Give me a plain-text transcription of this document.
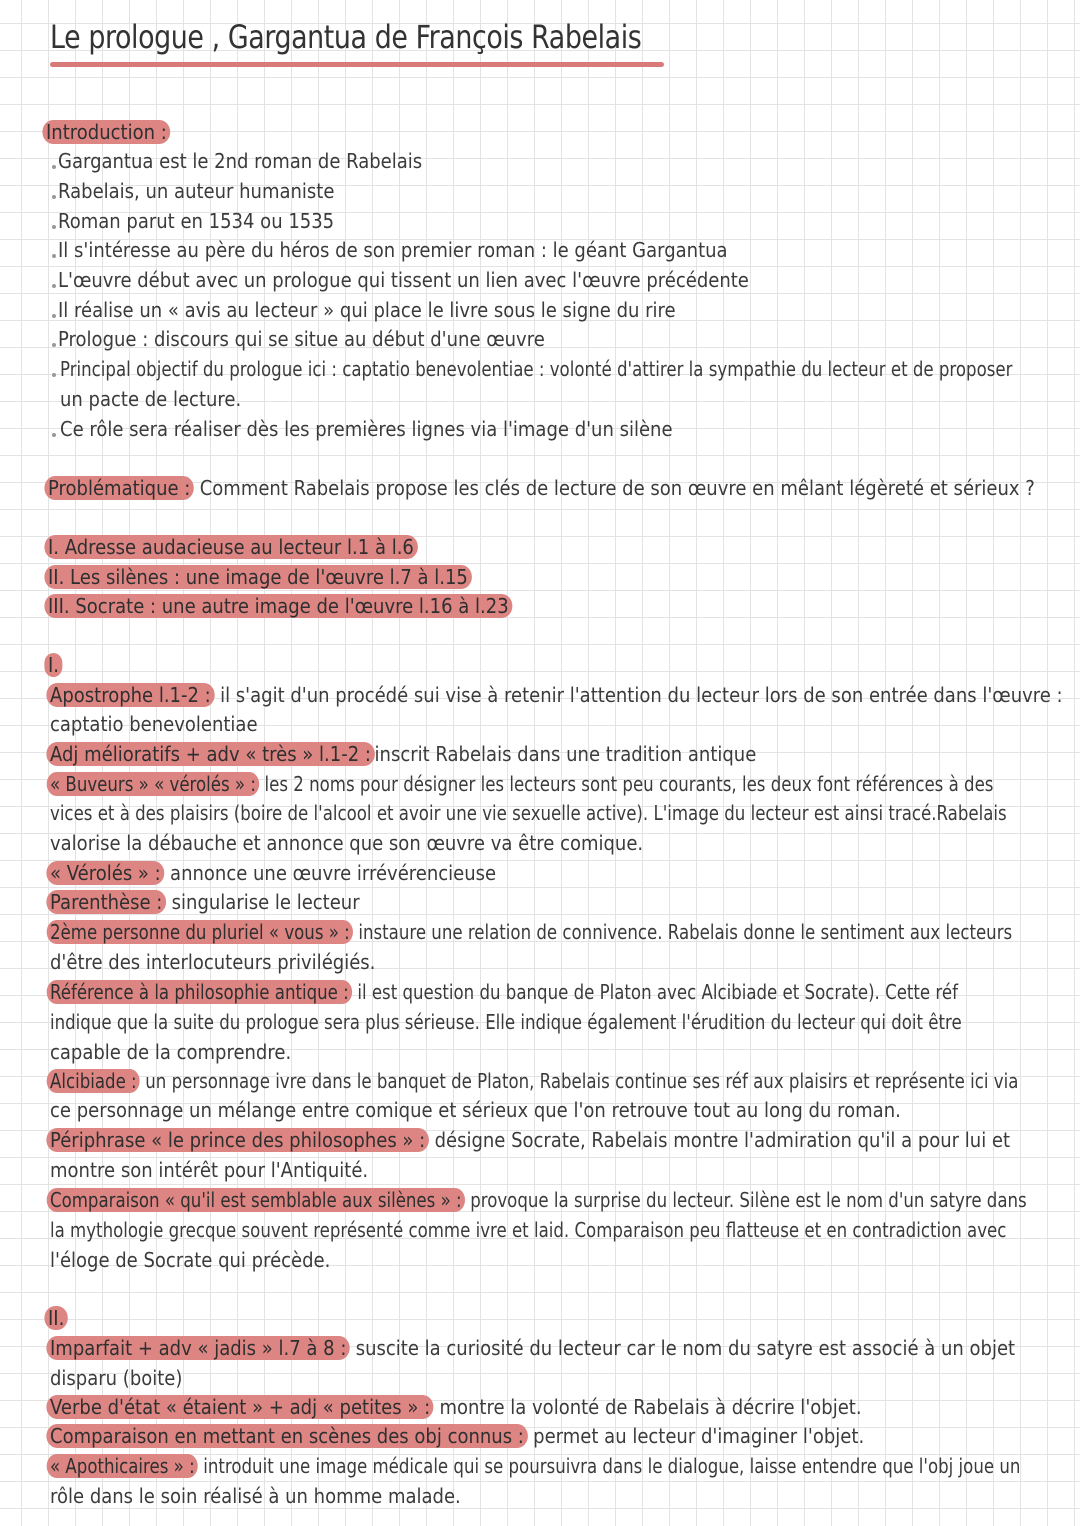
Le prologue , Gargantua de François Rabelais
Introduction :
Gargantua est le 2nd roman de Rabelais
Rabelais, un auteur humaniste
Roman parut en 1534 ou 1535
Il s'intéresse au père du héros de son premier roman : le géant Gargantua
L'œuvre début avec un prologue qui tissent un lien avec l'œuvre précédente
Il réalise un « avis au lecteur » qui place le livre sous le signe du rire
Prologue : discours qui se situe au début d'une œuvre
Principal objectif du prologue ici : captatio benevolentiae : volonté d'attirer la sympathie du lecteur et de proposer
un pacte de lecture.
Ce rôle sera réaliser dès les premières lignes via l'image d'un silène
Problématique : Comment Rabelais propose les clés de lecture de son œuvre en mêlant légèreté et sérieux ?
I. Adresse audacieuse au lecteur l.1 à l.6
II. Les silènes : une image de l'œuvre l.7 à l.15
III. Socrate : une autre image de l'œuvre l.16 à l.23
I.
Apostrophe l.1-2 : il s'agit d'un procédé sui vise à retenir l'attention du lecteur lors de son entrée dans l'œuvre :
captatio benevolentiae
Adj mélioratifs + adv « très » l.1-2 : inscrit Rabelais dans une tradition antique
« Buveurs » « vérolés » : les 2 noms pour désigner les lecteurs sont peu courants, les deux font références à des
vices et à des plaisirs (boire de l'alcool et avoir une vie sexuelle active). L'image du lecteur est ainsi tracé.Rabelais
valorise la débauche et annonce que son œuvre va être comique.
« Vérolés » : annonce une œuvre irrévérencieuse
Parenthèse : singularise le lecteur
2ème personne du pluriel « vous » : instaure une relation de connivence. Rabelais donne le sentiment aux lecteurs
d'être des interlocuteurs privilégiés.
Référence à la philosophie antique : il est question du banque de Platon avec Alcibiade et Socrate). Cette réf
indique que la suite du prologue sera plus sérieuse. Elle indique également l'érudition du lecteur qui doit être
capable de la comprendre.
Alcibiade : un personnage ivre dans le banquet de Platon, Rabelais continue ses réf aux plaisirs et représente ici via
ce personnage un mélange entre comique et sérieux que l'on retrouve tout au long du roman.
Périphrase « le prince des philosophes » : désigne Socrate, Rabelais montre l'admiration qu'il a pour lui et
montre son intérêt pour l'Antiquité.
Comparaison « qu'il est semblable aux silènes » : provoque la surprise du lecteur. Silène est le nom d'un satyre dans
la mythologie grecque souvent représenté comme ivre et laid. Comparaison peu flatteuse et en contradiction avec
l'éloge de Socrate qui précède.
II.
Imparfait + adv « jadis » l.7 à 8 : suscite la curiosité du lecteur car le nom du satyre est associé à un objet
disparu (boite)
Verbe d'état « étaient » + adj « petites » : montre la volonté de Rabelais à décrire l'objet.
Comparaison en mettant en scènes des obj connus : permet au lecteur d'imaginer l'objet.
« Apothicaires » : introduit une image médicale qui se poursuivra dans le dialogue, laisse entendre que l'obj joue un
rôle dans le soin réalisé à un homme malade.
